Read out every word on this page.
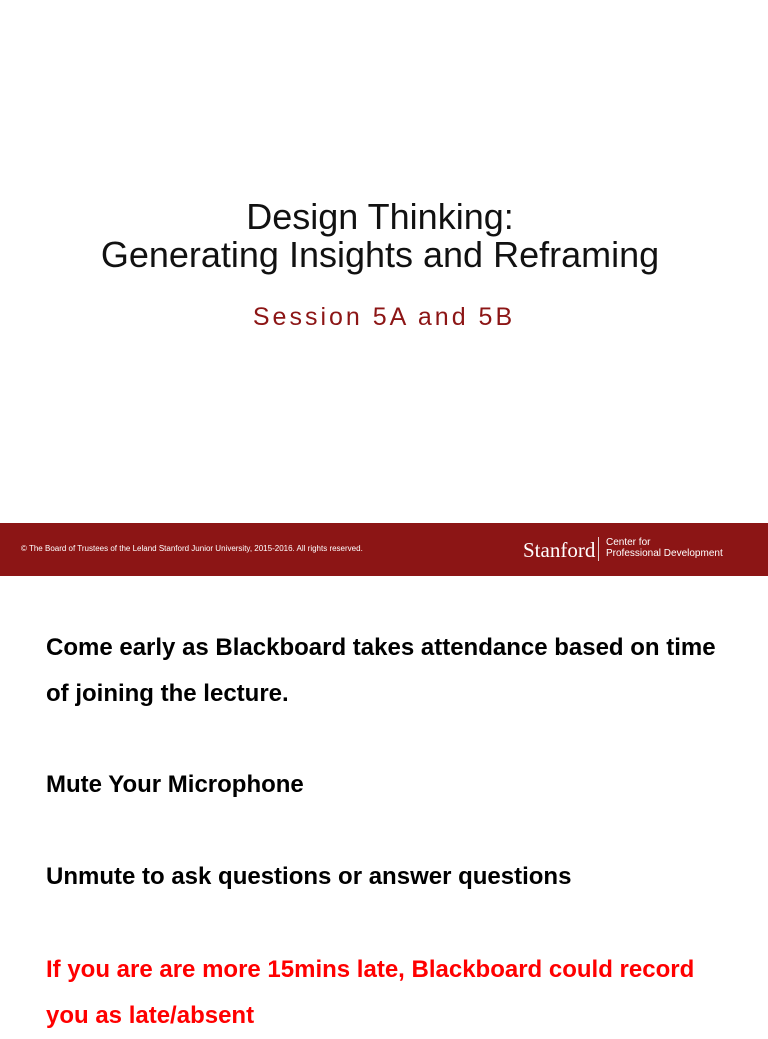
Design Thinking:
Generating Insights and Reframing
Session 5A and 5B
© The Board of Trustees of the Leland Stanford Junior University, 2015-2016. All rights reserved.	Stanford Center for
Professional Development
Come early as Blackboard takes attendance based on time of joining the lecture.
Mute Your Microphone
Unmute to ask questions or answer questions
If you are are more 15mins late, Blackboard could record you as late/absent
